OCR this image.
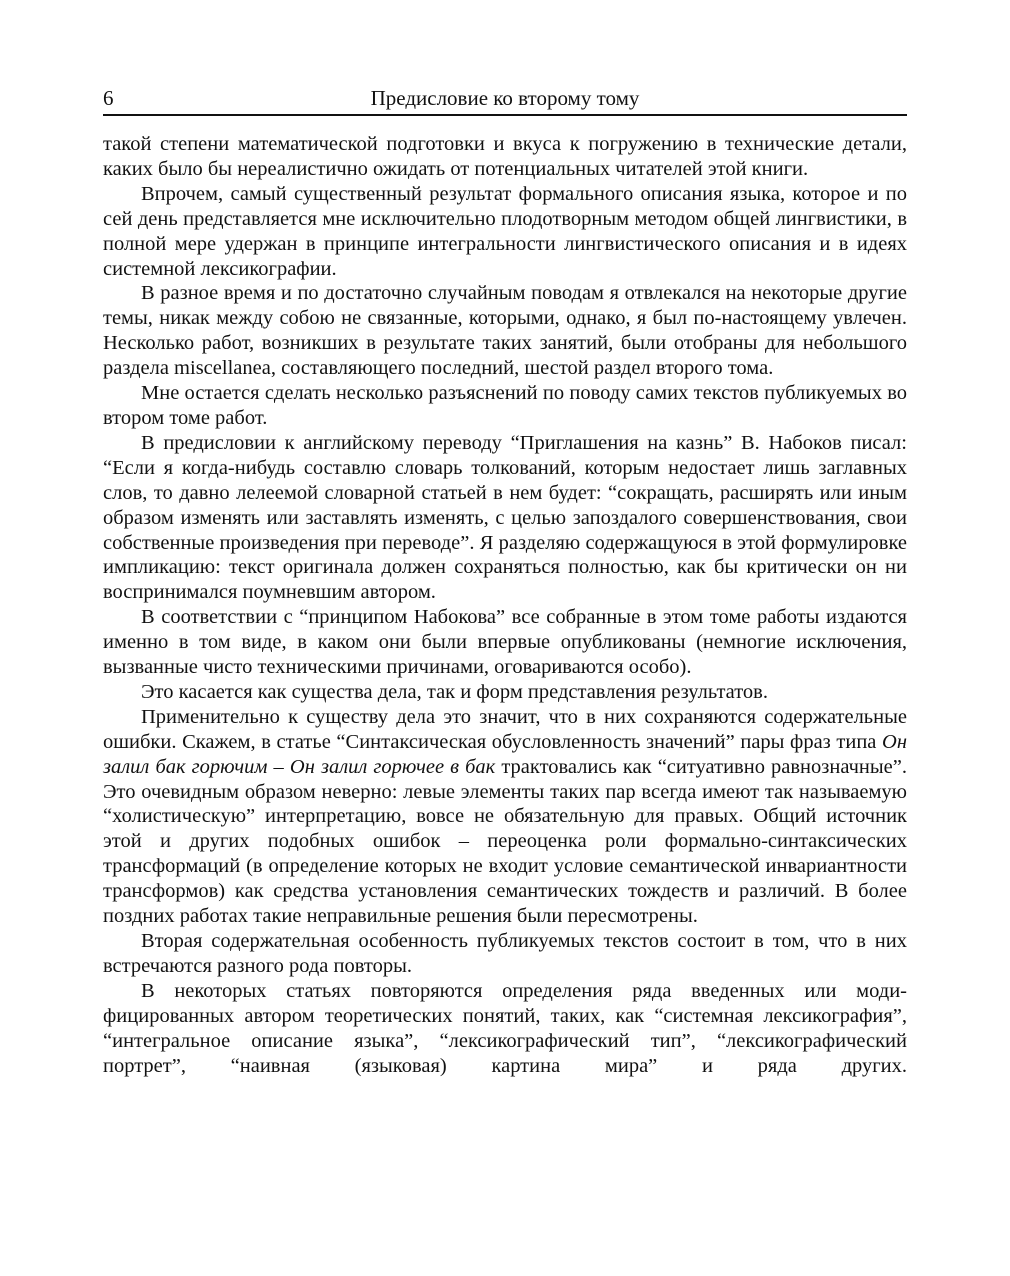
6	Предисловие ко второму тому

такой степени математической подготовки и вкуса к погружению в технические детали, каких было бы нереалистично ожидать от потенциальных читателей этой книги.

Впрочем, самый существенный результат формального описания языка, которое и по сей день представляется мне исключительно плодотворным методом общей лингвистики, в полной мере удержан в принципе интегральности лингвистического описания и в идеях системной лексикографии.

В разное время и по достаточно случайным поводам я отвлекался на некоторые другие темы, никак между собою не связанные, которыми, однако, я был по-настоящему увлечен. Несколько работ, возникших в результате таких занятий, были отобраны для небольшого раздела miscellanea, составляющего последний, шестой раздел второго тома.

Мне остается сделать несколько разъяснений по поводу самих текстов публикуемых во втором томе работ.

В предисловии к английскому переводу “Приглашения на казнь” В. Набоков писал: “Если я когда-нибудь составлю словарь толкований, которым недостает лишь заглавных слов, то давно лелеемой словарной статьей в нем будет: “сокращать, расширять или иным образом изменять или заставлять изменять, с целью запоздалого совершенствования, свои собственные произведения при переводе”. Я разделяю содержащуюся в этой формулировке импликацию: текст оригинала должен сохраняться полностью, как бы критически он ни воспринимался поумневшим автором.

В соответствии с “принципом Набокова” все собранные в этом томе работы издаются именно в том виде, в каком они были впервые опубликованы (немногие исключения, вызванные чисто техническими причинами, оговариваются особо).

Это касается как существа дела, так и форм представления результатов.

Применительно к существу дела это значит, что в них сохраняются содержательные ошибки. Скажем, в статье “Синтаксическая обусловленность значений” пары фраз типа Он залил бак горючим – Он залил горючее в бак трактовались как “ситуативно равнозначные”. Это очевидным образом неверно: левые элементы таких пар всегда имеют так называемую “холистическую” интерпретацию, вовсе не обязательную для правых. Общий источник этой и других подобных ошибок – переоценка роли формально-синтаксических трансформаций (в определение которых не входит условие семантической инвариантности трансформов) как средства установления семантических тождеств и различий. В более поздних работах такие неправильные решения были пересмотрены.

Вторая содержательная особенность публикуемых текстов состоит в том, что в них встречаются разного рода повторы.

В некоторых статьях повторяются определения ряда введенных или модифицированных автором теоретических понятий, таких, как “системная лексикография”, “интегральное описание языка”, “лексикографический тип”, “лексикографический портрет”, “наивная (языковая) картина мира” и ряда других.
